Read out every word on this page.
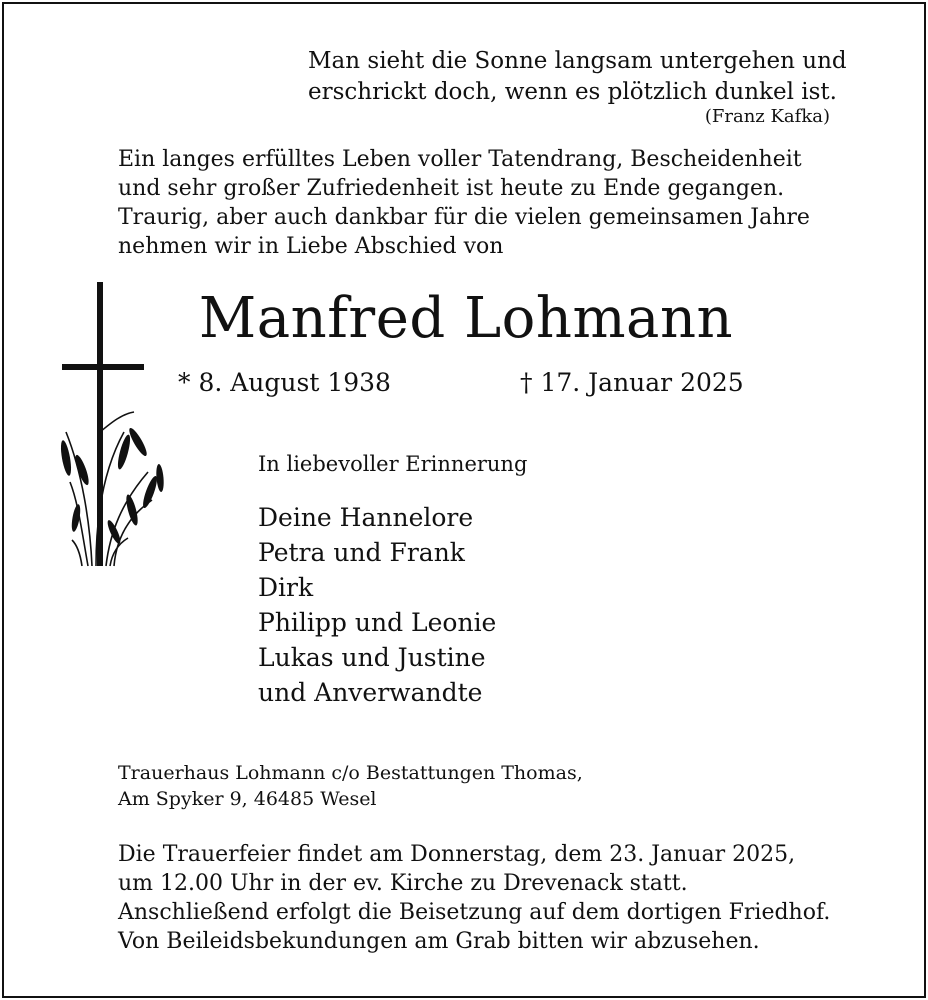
Man sieht die Sonne langsam untergehen und
erschrickt doch, wenn es plötzlich dunkel ist.
(Franz Kafka)
Ein langes erfülltes Leben voller Tatendrang, Bescheidenheit
und sehr großer Zufriedenheit ist heute zu Ende gegangen.
Traurig, aber auch dankbar für die vielen gemeinsamen Jahre
nehmen wir in Liebe Abschied von
Manfred Lohmann
* 8. August 1938	† 17. Januar 2025
In liebevoller Erinnerung
Deine Hannelore
Petra und Frank
Dirk
Philipp und Leonie
Lukas und Justine
und Anverwandte
Trauerhaus Lohmann c/o Bestattungen Thomas,
Am Spyker 9, 46485 Wesel
Die Trauerfeier findet am Donnerstag, dem 23. Januar 2025,
um 12.00 Uhr in der ev. Kirche zu Drevenack statt.
Anschließend erfolgt die Beisetzung auf dem dortigen Friedhof.
Von Beileidsbekundungen am Grab bitten wir abzusehen.
